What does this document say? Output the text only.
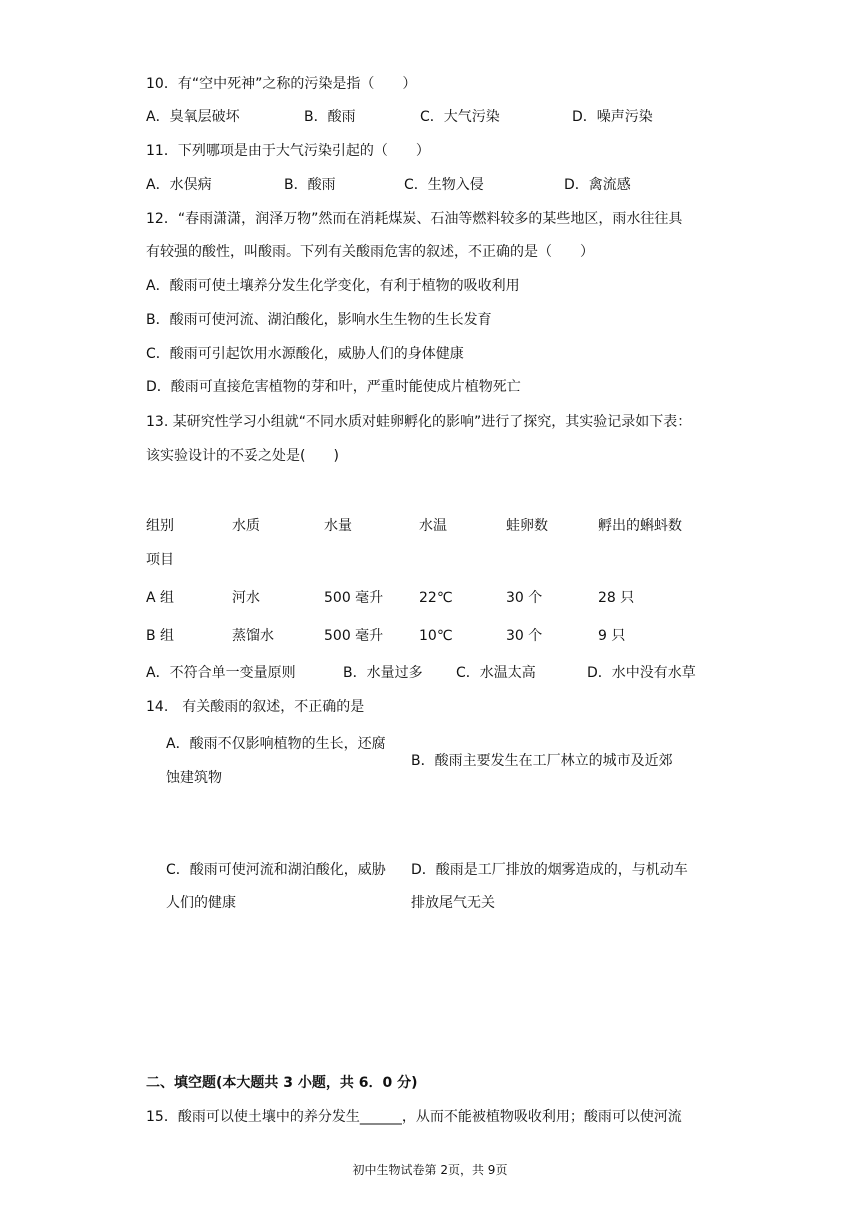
10．有“空中死神”之称的污染是指（　　）
A．臭氧层破坏	B．酸雨	C．大气污染	D．噪声污染
11．下列哪项是由于大气污染引起的（　　）
A．水俣病	B．酸雨	C．生物入侵	D．禽流感
12．“春雨潇潇，润泽万物”然而在消耗煤炭、石油等燃料较多的某些地区，雨水往往具
有较强的酸性，叫酸雨。下列有关酸雨危害的叙述，不正确的是（　　）
A．酸雨可使土壤养分发生化学变化，有利于植物的吸收利用
B．酸雨可使河流、湖泊酸化，影响水生生物的生长发育
C．酸雨可引起饮用水源酸化，威胁人们的身体健康
D．酸雨可直接危害植物的芽和叶，严重时能使成片植物死亡
13. 某研究性学习小组就“不同水质对蛙卵孵化的影响”进行了探究，其实验记录如下表：
该实验设计的不妥之处是(　　)
组别	水质	水量	水温	蛙卵数	孵出的蝌蚪数
项目
A 组	河水	500 毫升	22℃	30 个	28 只
B 组	蒸馏水	500 毫升	10℃	30 个	9 只
A．不符合单一变量原则	B．水量过多 C．水温太高	D．水中没有水草
14.　有关酸雨的叙述，不正确的是
A．酸雨不仅影响植物的生长，还腐
蚀建筑物
B．酸雨主要发生在工厂林立的城市及近郊
C．酸雨可使河流和湖泊酸化，威胁
人们的健康
D．酸雨是工厂排放的烟雾造成的，与机动车
排放尾气无关
二、填空题(本大题共 3 小题，共 6．0 分)
15．酸雨可以使土壤中的养分发生______，从而不能被植物吸收利用；酸雨可以使河流
初中生物试卷第 2页，共 9页
